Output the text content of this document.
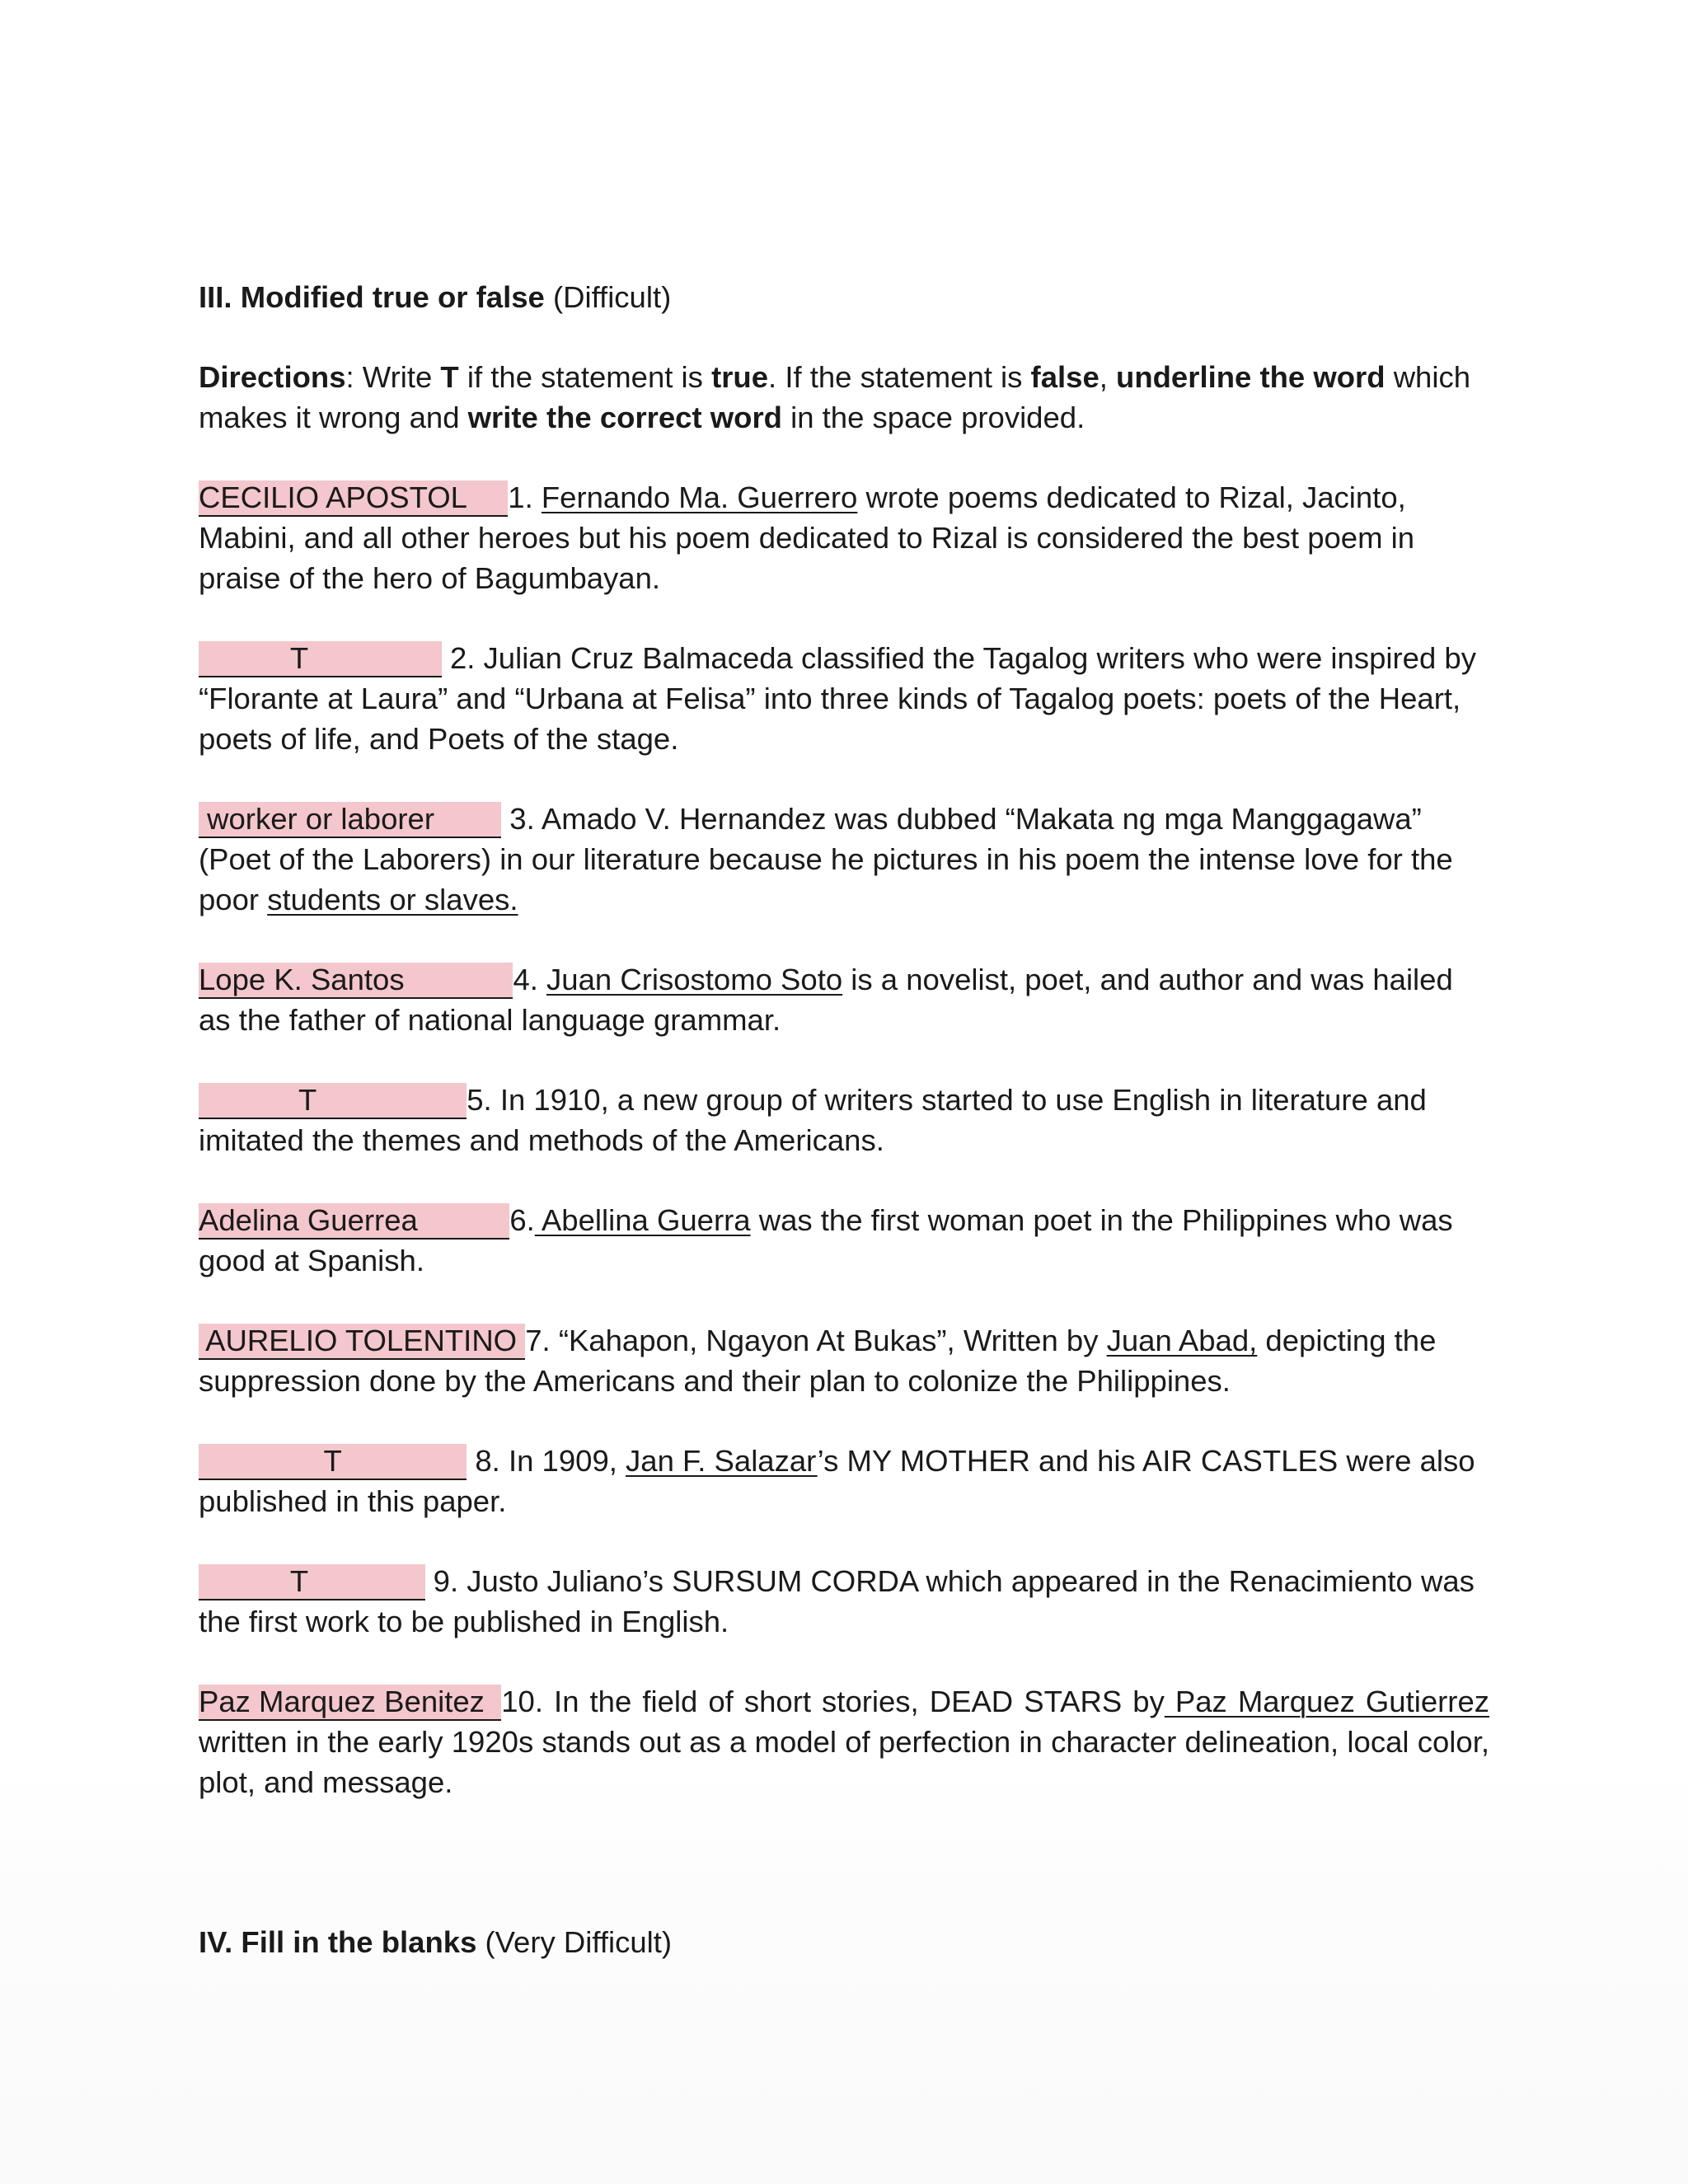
III. Modified true or false (Difficult)

Directions: Write T if the statement is true. If the statement is false, underline the word which makes it wrong and write the correct word in the space provided.

CECILIO APOSTOL 1. Fernando Ma. Guerrero wrote poems dedicated to Rizal, Jacinto, Mabini, and all other heroes but his poem dedicated to Rizal is considered the best poem in praise of the hero of Bagumbayan.

T	2. Julian Cruz Balmaceda classified the Tagalog writers who were inspired by “Florante at Laura” and “Urbana at Felisa” into three kinds of Tagalog poets: poets of the Heart, poets of life, and Poets of the stage.

worker or laborer         3. Amado V. Hernandez was dubbed “Makata ng mga Manggagawa” (Poet of the Laborers) in our literature because he pictures in his poem the intense love for the poor students or slaves.

Lope K. Santos	4. Juan Crisostomo Soto is a novelist, poet, and author and was hailed as the father of national language grammar.

T	5. In 1910, a new group of writers started to use English in literature and imitated the themes and methods of the Americans.

Adelina Guerrea	6. Abellina Guerra was the first woman poet in the Philippines who was good at Spanish.

AURELIO TOLENTINO 7. “Kahapon, Ngayon At Bukas”, Written by Juan Abad, depicting the suppression done by the Americans and their plan to colonize the Philippines.

T	8. In 1909, Jan F. Salazar’s MY MOTHER and his AIR CASTLES were also published in this paper.

T	9. Justo Juliano’s SURSUM CORDA which appeared in the Renacimiento was the first work to be published in English.

Paz Marquez Benitez 10. In the field of short stories, DEAD STARS by Paz Marquez Gutierrez written in the early 1920s stands out as a model of perfection in character delineation, local color, plot, and message.

IV. Fill in the blanks (Very Difficult)
